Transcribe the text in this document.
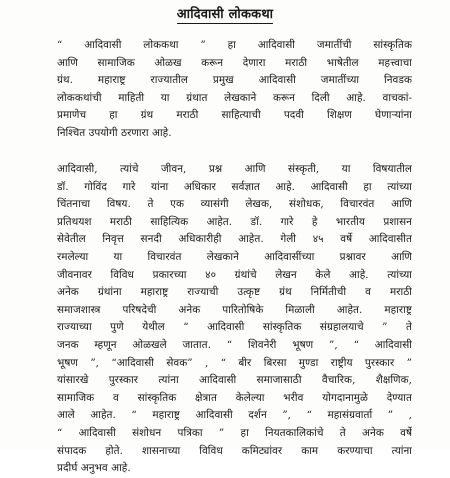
आदिवासी लोककथा
“ आदिवासी लोककथा ” हा आदिवासी जमातींची सांस्कृतिक
आणि सामाजिक ओळख करून देणारा मराठी भाषेतील महत्त्वाचा
ग्रंथ. महाराष्ट्र राज्यातील प्रमुख आदिवासी जमातींच्या निवडक
लोककथांची माहिती या ग्रंथात लेखकाने करून दिली आहे. वाचकां-
प्रमाणेच हा ग्रंथ मराठी साहित्याची पदवी शिक्षण घेणाऱ्यांना
निश्चित उपयोगी ठरणारा आहे.
आदिवासी, त्यांचे जीवन, प्रश्न आणि संस्कृती, या विषयातील
डॉ. गोविंद गारे यांना अधिकार सर्वज्ञात आहे. आदिवासी हा त्यांच्या
चिंतनाचा विषय. ते एक व्यासंगी लेखक, संशोधक, विचारवंत आणि
प्रतिथयश मराठी साहित्यिक आहेत. डॉ. गारे हे भारतीय प्रशासन
सेवेतील निवृत्त सनदी अधिकारीही आहेत. गेली ४५ वर्षे आदिवासीत
रमलेल्या या विचारवंत लेखकाने आदिवासींच्या प्रश्नावर आणि
जीवनावर विविध प्रकारच्या ४० ग्रंथांचे लेखन केले आहे. त्यांच्या
अनेक ग्रंथांना महाराष्ट्र राज्याची उत्कृष्ट ग्रंथ निर्मितीची व मराठी
समाजशास्त्र परिषदेची अनेक पारितोषिके मिळाली आहेत. महाराष्ट्र
राज्याच्या पुणे येथील “ आदिवासी सांस्कृतिक संग्रहालयाचे ” ते
जनक म्हणून ओळखले जातात. “ शिवनेरी भूषण ”, “ आदिवासी
भूषण ”, “आदिवासी सेवक” , “ बीर बिरसा मुण्डा राष्ट्रीय पुरस्कार ”
यांसारखे पुरस्कार त्यांना आदिवासी समाजासाठी वैचारिक, शैक्षणिक,
सामाजिक व सांस्कृतिक क्षेत्रात केलेल्या भरीव योगदानामुळे देण्यात
आले आहेत. “ महाराष्ट्र आदिवासी दर्शन ”, “ महासंग्रवार्ता ” ,
“ आदिवासी संशोधन पत्रिका ” हा नियतकालिकांचे ते अनेक वर्षे
संपादक होते. शासनाच्या विविध कमिट्यांवर काम करण्याचा त्यांना
प्रदीर्घ अनुभव आहे.
